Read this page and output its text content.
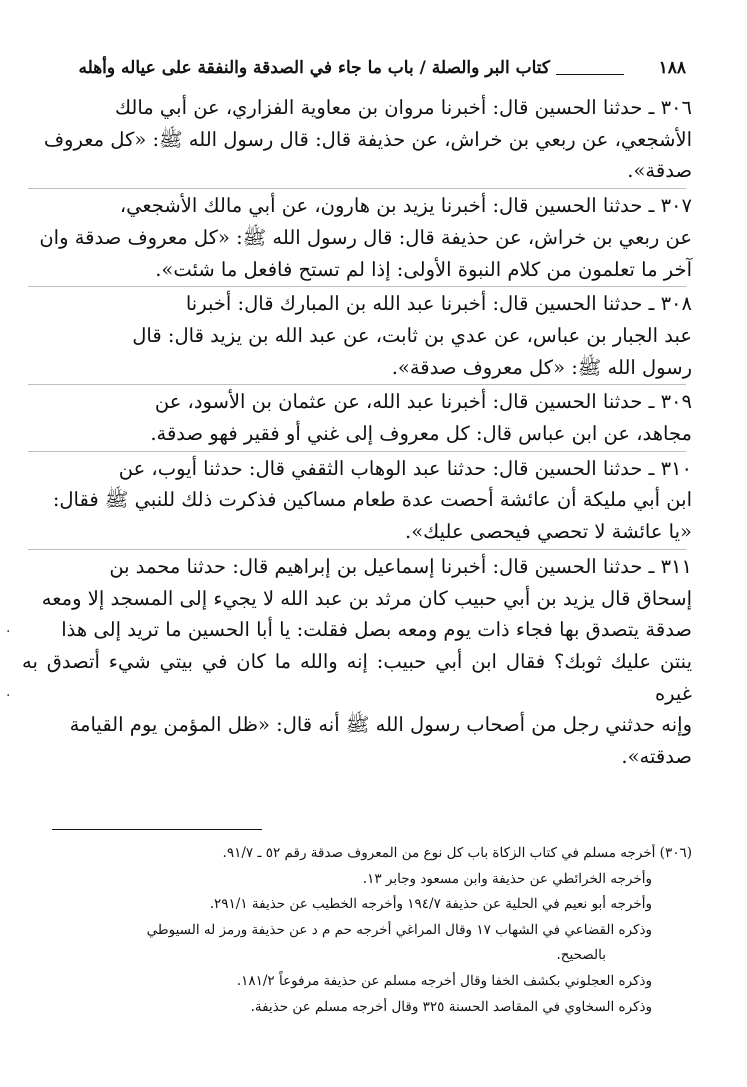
١٨٨
كتاب البر والصلة / باب ما جاء في الصدقة والنفقة على عياله وأهله

٣٠٦ ـ حدثنا الحسين قال: أخبرنا مروان بن معاوية الفزاري، عن أبي مالك

الأشجعي، عن ربعي بن خراش، عن حذيفة قال: قال رسول الله ﷺ: «كل معروف

صدقة».

٣٠٧ ـ حدثنا الحسين قال: أخبرنا يزيد بن هارون، عن أبي مالك الأشجعي،

عن ربعي بن خراش، عن حذيفة قال: قال رسول الله ﷺ: «كل معروف صدقة وان

آخر ما تعلمون من كلام النبوة الأولى: إذا لم تستح فافعل ما شئت».

٣٠٨ ـ حدثنا الحسين قال: أخبرنا عبد الله بن المبارك قال: أخبرنا

عبد الجبار بن عباس، عن عدي بن ثابت، عن عبد الله بن يزيد قال: قال

رسول الله ﷺ: «كل معروف صدقة».

٣٠٩ ـ حدثنا الحسين قال: أخبرنا عبد الله، عن عثمان بن الأسود، عن

مجاهد، عن ابن عباس قال: كل معروف إلى غني أو فقير فهو صدقة.

٣١٠ ـ حدثنا الحسين قال: حدثنا عبد الوهاب الثقفي قال: حدثنا أيوب، عن

ابن أبي مليكة أن عائشة أحصت عدة طعام مساكين فذكرت ذلك للنبي ﷺ فقال:

«يا عائشة لا تحصي فيحصى عليك».

٣١١ ـ حدثنا الحسين قال: أخبرنا إسماعيل بن إبراهيم قال: حدثنا محمد بن

إسحاق قال يزيد بن أبي حبيب كان مرثد بن عبد الله لا يجيء إلى المسجد إلا ومعه

صدقة يتصدق بها فجاء ذات يوم ومعه بصل فقلت: يا أبا الحسين ما تريد إلى هذا

ينتن عليك ثوبك؟ فقال ابن أبي حبيب: إنه والله ما كان في بيتي شيء أتصدق به غيره

وإنه حدثني رجل من أصحاب رسول الله ﷺ أنه قال: «ظل المؤمن يوم القيامة

صدقته».

(٣٠٦) أخرجه مسلم في كتاب الزكاة باب كل نوع من المعروف صدقة رقم ٥٢ ـ ٩١/٧.

وأخرجه الخرائطي عن حذيفة وابن مسعود وجابر ١٣.

وأخرجه أبو نعيم في الحلية عن حذيفة ١٩٤/٧ وأخرجه الخطيب عن حذيفة ٢٩١/١.

وذكره القضاعي في الشهاب ١٧ وقال المراغي أخرجه حم م د عن حذيفة ورمز له السيوطي

بالصحيح.

وذكره العجلوني بكشف الخفا وقال أخرجه مسلم عن حذيفة مرفوعاً ١٨١/٢.

وذكره السخاوي في المقاصد الحسنة ٣٢٥ وقال أخرجه مسلم عن حذيفة.

·
·
